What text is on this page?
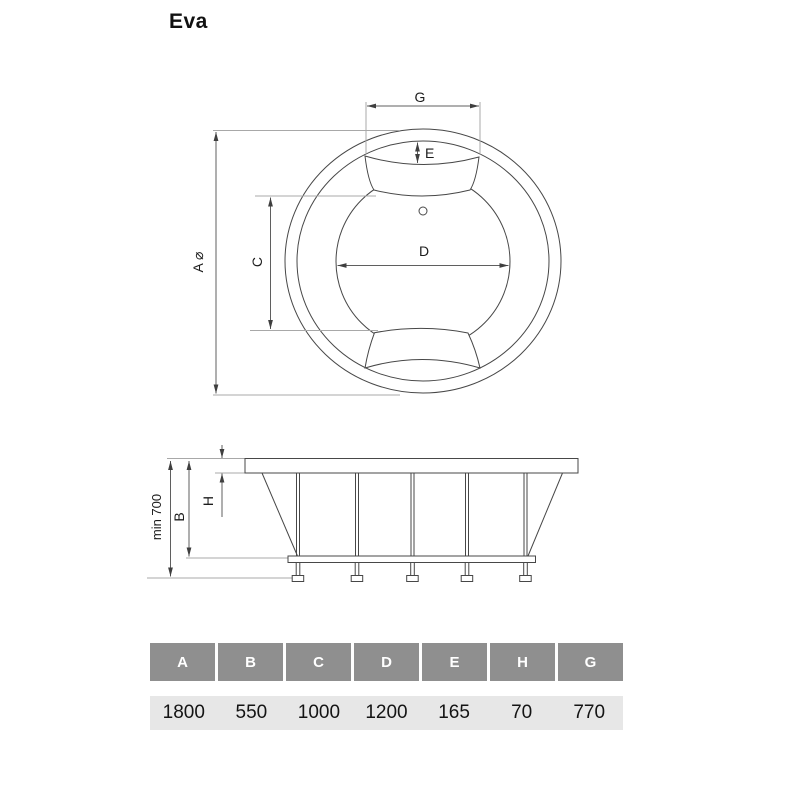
Eva
G
E
D
A ⌀	C
min 700 B
H
A	B	C	D	E	H	G
1800	550	1000	1200	165	70	770
